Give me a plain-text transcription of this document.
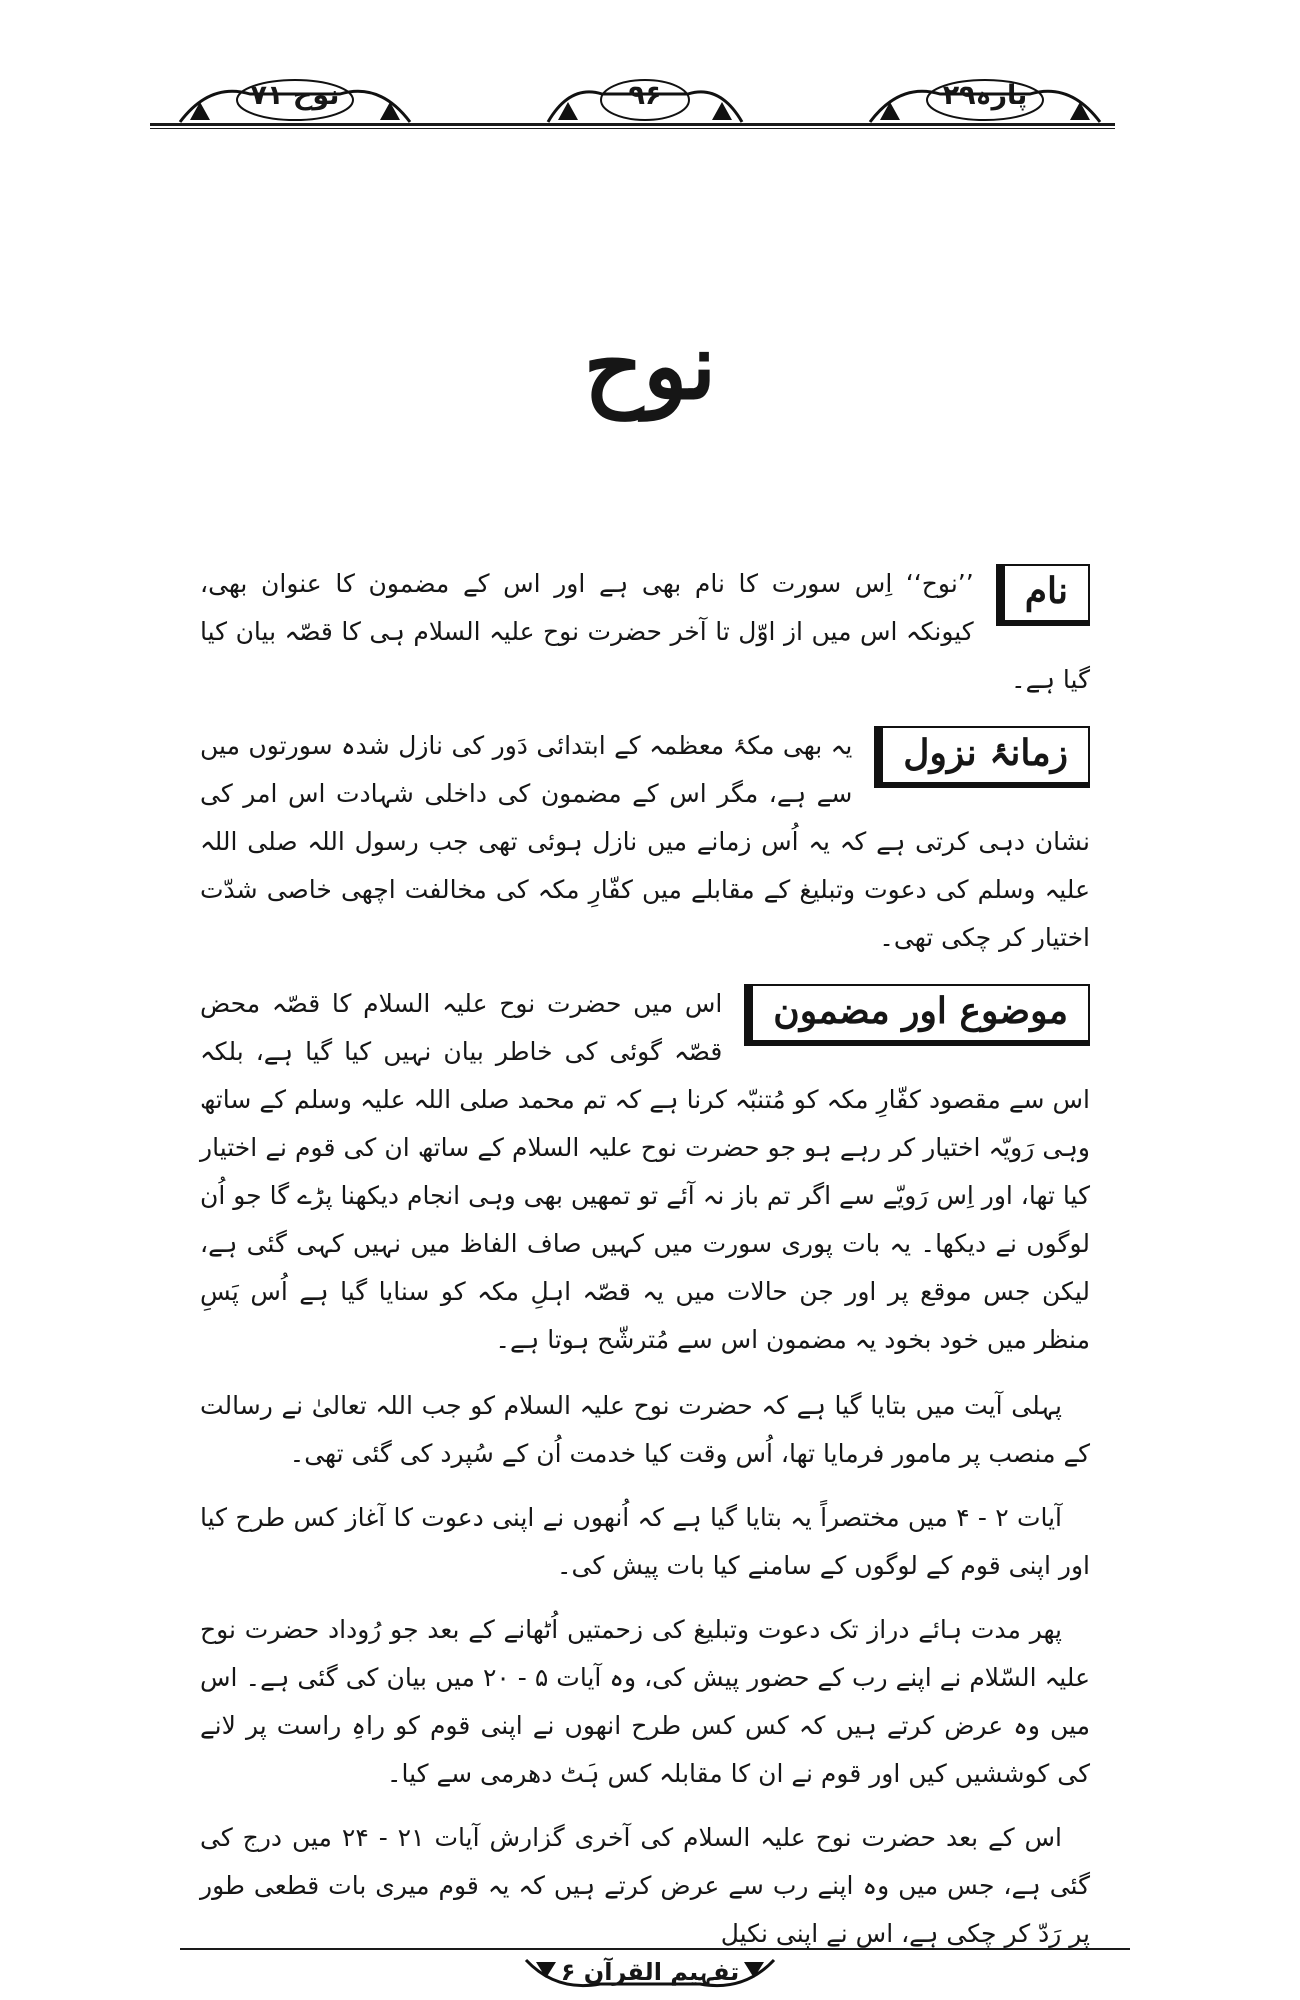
نوح ۷۱	۹۶	پارہ۲۹
نوح
نام
’’نوح‘‘ اِس سورت کا نام بھی ہے اور اس کے مضمون کا عنوان بھی، کیونکہ اس میں از اوّل تا آخر حضرت نوح علیہ السلام ہی کا قصّہ بیان کیا گیا ہے۔
زمانۂ نزول
یہ بھی مکۂ معظمہ کے ابتدائی دَور کی نازل شدہ سورتوں میں سے ہے، مگر اس کے مضمون کی داخلی شہادت اس امر کی نشان دہی کرتی ہے کہ یہ اُس زمانے میں نازل ہوئی تھی جب رسول اللہ صلی اللہ علیہ وسلم کی دعوت وتبلیغ کے مقابلے میں کفّارِ مکہ کی مخالفت اچھی خاصی شدّت اختیار کر چکی تھی۔
موضوع اور مضمون
اس میں حضرت نوح علیہ السلام کا قصّہ محض قصّہ گوئی کی خاطر بیان نہیں کیا گیا ہے، بلکہ اس سے مقصود کفّارِ مکہ کو مُتنبّہ کرنا ہے کہ تم محمد صلی اللہ علیہ وسلم کے ساتھ وہی رَویّہ اختیار کر رہے ہو جو حضرت نوح علیہ السلام کے ساتھ ان کی قوم نے اختیار کیا تھا، اور اِس رَویّے سے اگر تم باز نہ آئے تو تمھیں بھی وہی انجام دیکھنا پڑے گا جو اُن لوگوں نے دیکھا۔ یہ بات پوری سورت میں کہیں صاف الفاظ میں نہیں کہی گئی ہے، لیکن جس موقع پر اور جن حالات میں یہ قصّہ اہلِ مکہ کو سنایا گیا ہے اُس پَسِ منظر میں خود بخود یہ مضمون اس سے مُترشّح ہوتا ہے۔

پہلی آیت میں بتایا گیا ہے کہ حضرت نوح علیہ السلام کو جب اللہ تعالیٰ نے رسالت کے منصب پر مامور فرمایا تھا، اُس وقت کیا خدمت اُن کے سُپرد کی گئی تھی۔

آیات ۲ - ۴ میں مختصراً یہ بتایا گیا ہے کہ اُنھوں نے اپنی دعوت کا آغاز کس طرح کیا اور اپنی قوم کے لوگوں کے سامنے کیا بات پیش کی۔

پھر مدت ہائے دراز تک دعوت وتبلیغ کی زحمتیں اُٹھانے کے بعد جو رُوداد حضرت نوح علیہ السّلام نے اپنے رب کے حضور پیش کی، وہ آیات ۵ - ۲۰ میں بیان کی گئی ہے۔ اس میں وہ عرض کرتے ہیں کہ کس کس طرح انھوں نے اپنی قوم کو راہِ راست پر لانے کی کوششیں کیں اور قوم نے ان کا مقابلہ کس ہَٹ دھرمی سے کیا۔

اس کے بعد حضرت نوح علیہ السلام کی آخری گزارش آیات ۲۱ - ۲۴ میں درج کی گئی ہے، جس میں وہ اپنے رب سے عرض کرتے ہیں کہ یہ قوم میری بات قطعی طور پر رَدّ کر چکی ہے، اس نے اپنی نکیل

تفہیم القرآن ۶
